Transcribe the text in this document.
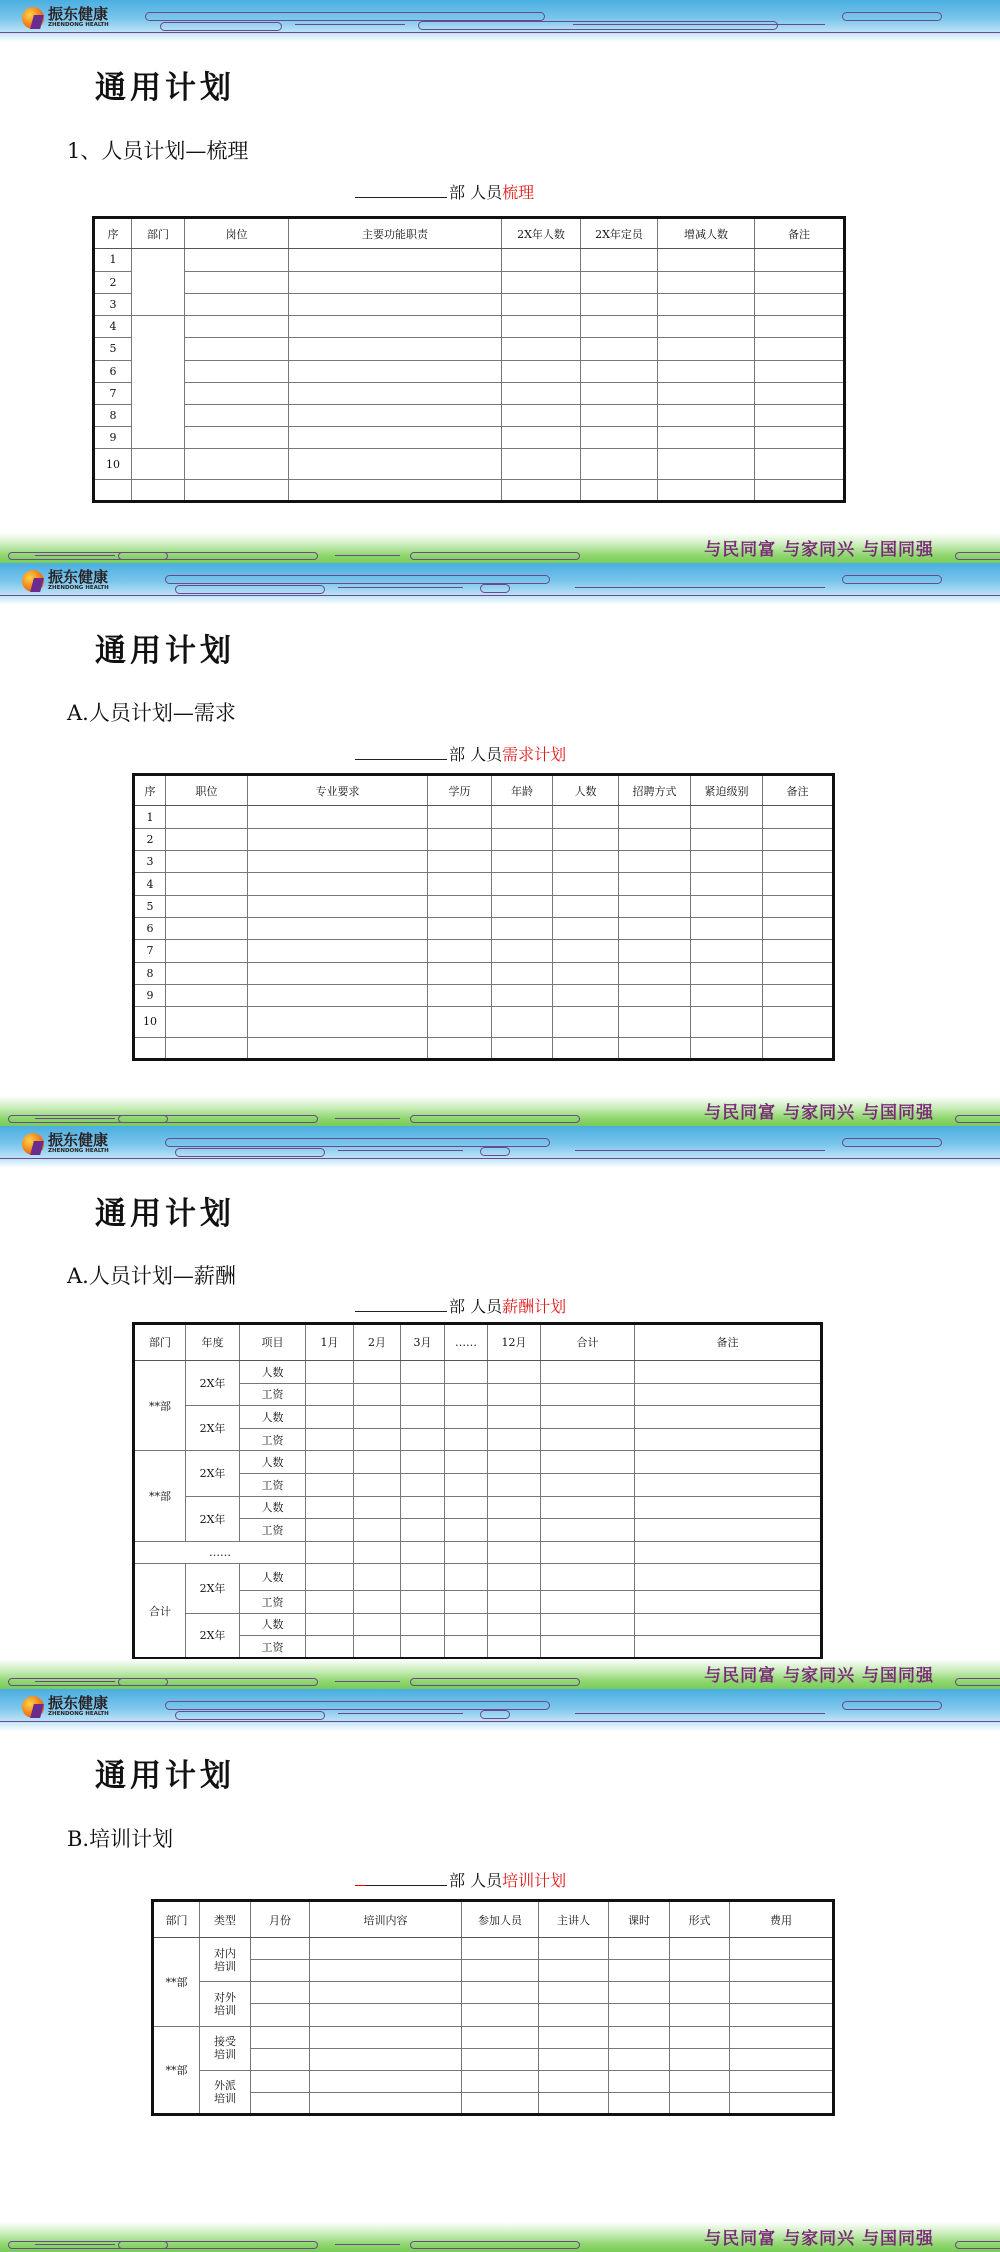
振东健康
ZHENDONG HEALTH
通用计划
1、人员计划—梳理
部 人员梳理
序	部门	岗位	主要功能职责	2X年人数	2X年定员	增减人数	备注
1							
2							
3							
4							
5							
6							
7							
8							
9							
10							

与民同富 与家同兴 与国同强
振东健康
ZHENDONG HEALTH
通用计划
A.人员计划—需求
部 人员需求计划
序	职位	专业要求	学历	年龄	人数	招聘方式	紧迫级别	备注
1								
2								
3								
4								
5								
6								
7								
8								
9								
10								

与民同富 与家同兴 与国同强
振东健康
ZHENDONG HEALTH
通用计划
A.人员计划—薪酬
部 人员薪酬计划
部门	年度	项目	1月	2月	3月	……	12月	合计	备注
**部	2X年	人数							
		工资							
	2X年	人数							
		工资							
**部	2X年	人数							
		工资							
	2X年	人数							
		工资							
……									
合计	2X年	人数							
		工资							
	2X年	人数							
		工资							
与民同富 与家同兴 与国同强
振东健康
ZHENDONG HEALTH
通用计划
B.培训计划
部 人员培训计划
部门	类型	月份	培训内容	参加人员	主讲人	课时	形式	费用
**部	对内培训							

	对外培训							

**部	接受培训							

	外派培训							

与民同富 与家同兴 与国同强
